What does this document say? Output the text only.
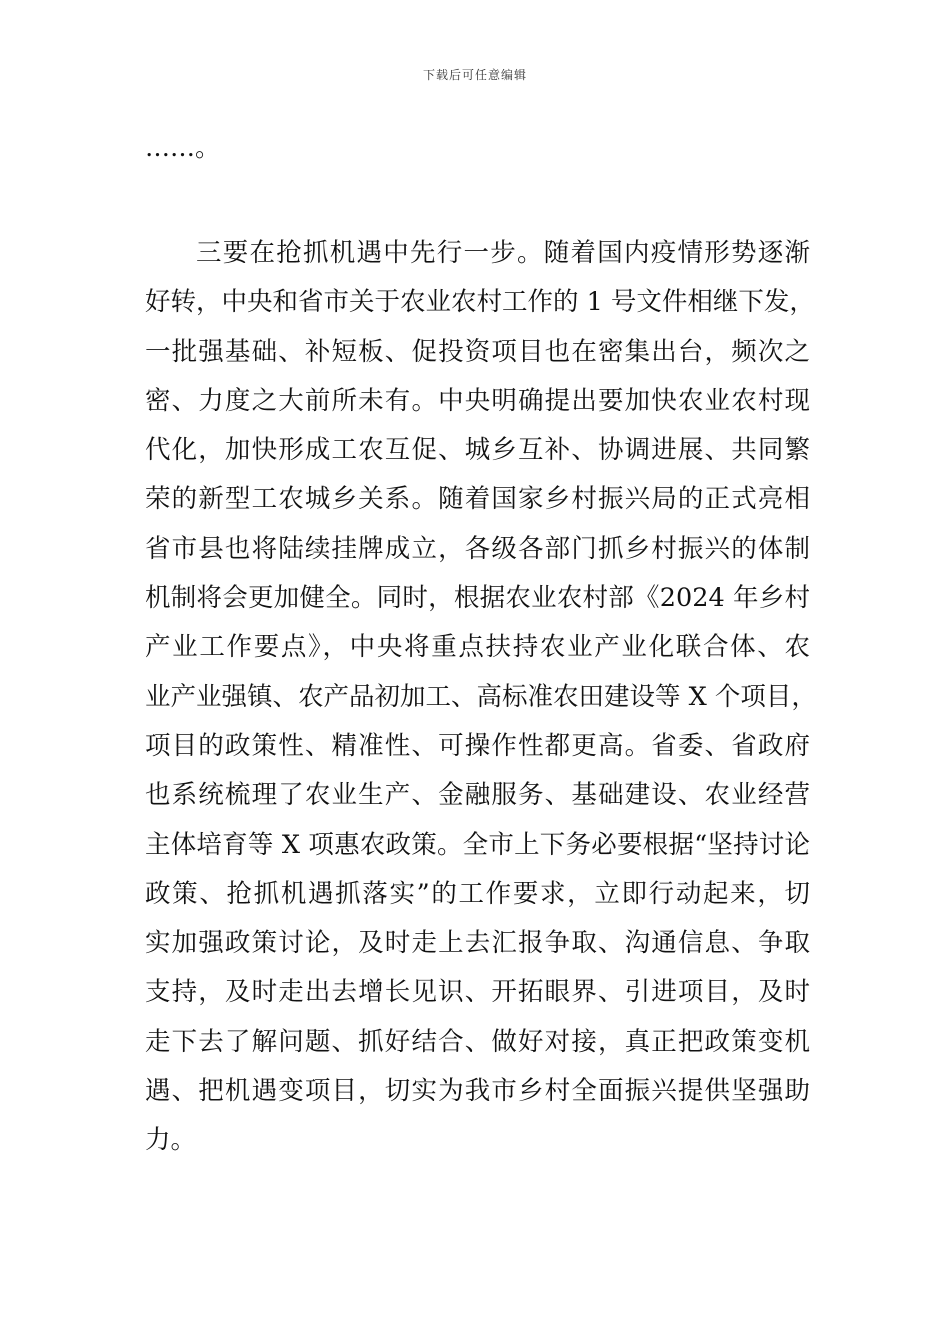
下载后可任意编辑
……。
三要在抢抓机遇中先行一步。随着国内疫情形势逐渐
好转，中央和省市关于农业农村工作的 1 号文件相继下发，
一批强基础、补短板、促投资项目也在密集出台，频次之
密、力度之大前所未有。中央明确提出要加快农业农村现
代化，加快形成工农互促、城乡互补、协调进展、共同繁
荣的新型工农城乡关系。随着国家乡村振兴局的正式亮相
省市县也将陆续挂牌成立，各级各部门抓乡村振兴的体制
机制将会更加健全。同时，根据农业农村部《2024 年乡村
产业工作要点》，中央将重点扶持农业产业化联合体、农
业产业强镇、农产品初加工、高标准农田建设等 X 个项目，
项目的政策性、精准性、可操作性都更高。省委、省政府
也系统梳理了农业生产、金融服务、基础建设、农业经营
主体培育等 X 项惠农政策。全市上下务必要根据“坚持讨论
政策、抢抓机遇抓落实”的工作要求，立即行动起来，切
实加强政策讨论，及时走上去汇报争取、沟通信息、争取
支持，及时走出去增长见识、开拓眼界、引进项目，及时
走下去了解问题、抓好结合、做好对接，真正把政策变机
遇、把机遇变项目，切实为我市乡村全面振兴提供坚强助
力。
